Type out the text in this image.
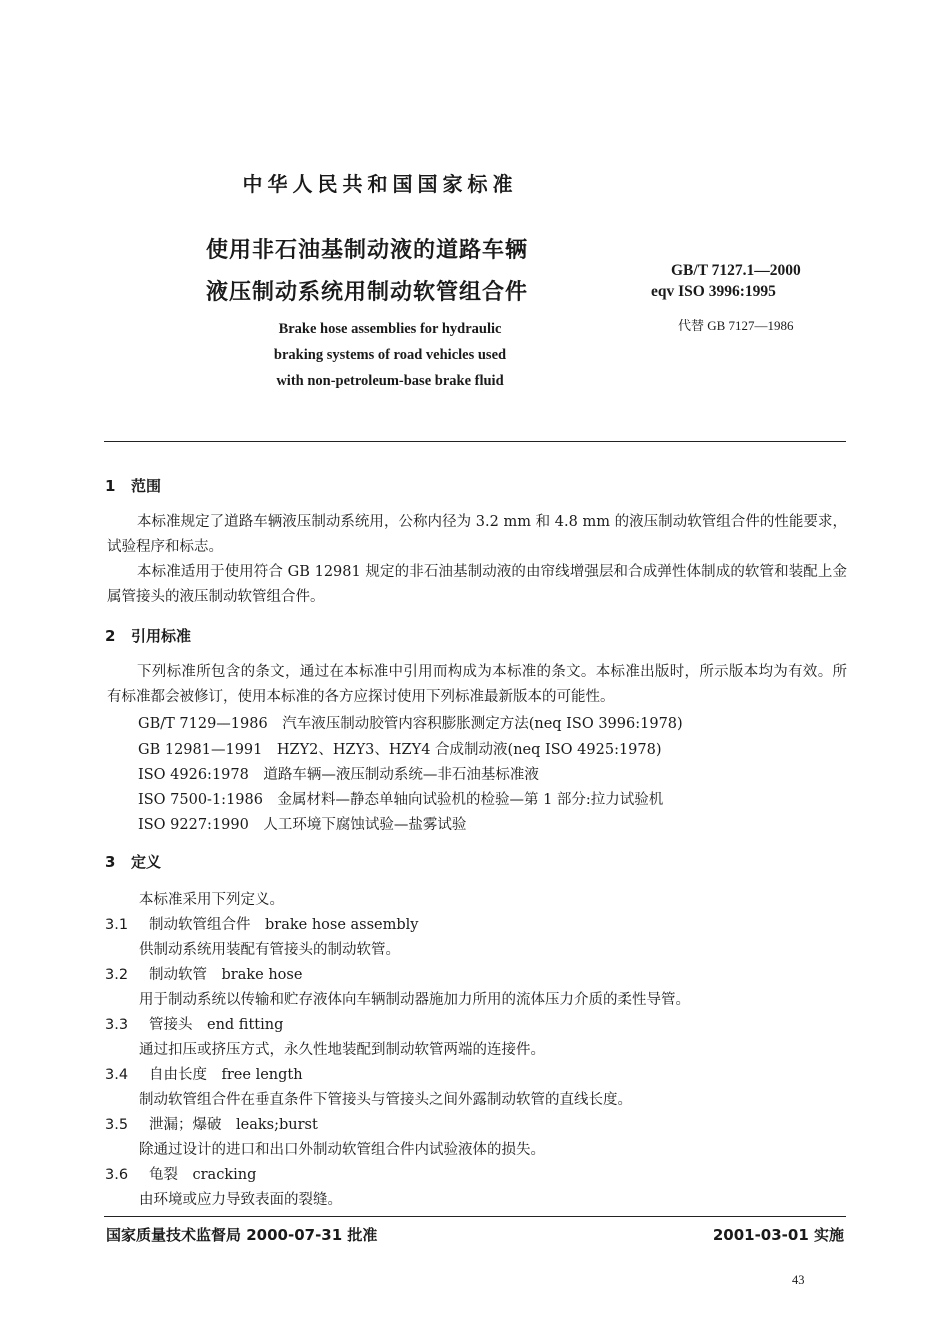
中华人民共和国国家标准
使用非石油基制动液的道路车辆
液压制动系统用制动软管组合件
Brake hose assemblies for hydraulic
braking systems of road vehicles used
with non-petroleum-base brake fluid
GB/T 7127.1—2000
eqv ISO 3996:1995
代替 GB 7127—1986
1 范围

本标准规定了道路车辆液压制动系统用，公称内径为 3.2 mm 和 4.8 mm 的液压制动软管组合件的性能要求，试验程序和标志。

本标准适用于使用符合 GB 12981 规定的非石油基制动液的由帘线增强层和合成弹性体制成的软管和装配上金属管接头的液压制动软管组合件。

2 引用标准

下列标准所包含的条文，通过在本标准中引用而构成为本标准的条文。本标准出版时，所示版本均为有效。所有标准都会被修订，使用本标准的各方应探讨使用下列标准最新版本的可能性。

GB/T 7129—1986　汽车液压制动胶管内容积膨胀测定方法(neq ISO 3996:1978)
GB 12981—1991　HZY2、HZY3、HZY4 合成制动液(neq ISO 4925:1978)
ISO 4926:1978　道路车辆—液压制动系统—非石油基标准液
ISO 7500-1:1986　金属材料—静态单轴向试验机的检验—第 1 部分:拉力试验机
ISO 9227:1990　人工环境下腐蚀试验—盐雾试验
3 定义
本标准采用下列定义。
3.1 制动软管组合件　brake hose assembly
供制动系统用装配有管接头的制动软管。
3.2 制动软管　brake hose
用于制动系统以传输和贮存液体向车辆制动器施加力所用的流体压力介质的柔性导管。
3.3 管接头　end fitting
通过扣压或挤压方式，永久性地装配到制动软管两端的连接件。
3.4 自由长度　free length
制动软管组合件在垂直条件下管接头与管接头之间外露制动软管的直线长度。
3.5 泄漏；爆破　leaks;burst
除通过设计的进口和出口外制动软管组合件内试验液体的损失。
3.6 龟裂　cracking
由环境或应力导致表面的裂缝。
国家质量技术监督局 2000-07-31 批准	2001-03-01 实施
43
